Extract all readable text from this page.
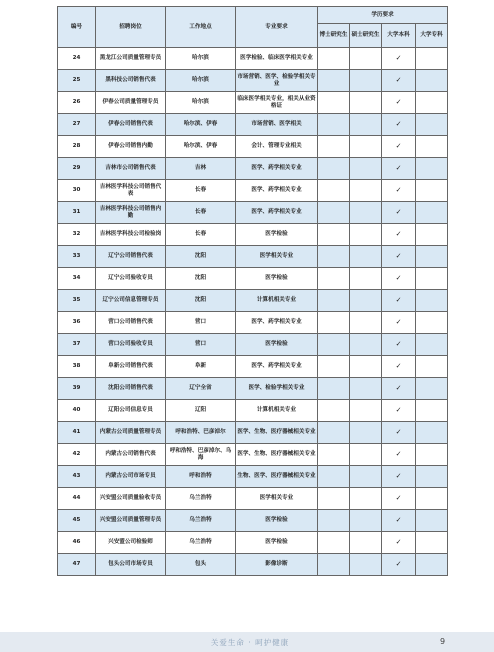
编号	招聘岗位	工作地点	专业要求	学历要求			
				博士研究生	硕士研究生	大学本科	大学专科
24	黑龙江公司质量管理专员	哈尔滨	医学检验、临床医学相关专业			✓	
25	黑科技公司销售代表	哈尔滨	市场营销、医学、检验学相关专业			✓	
26	伊春公司质量管理专员	哈尔滨	临床医学相关专业，相关从业资格证			✓	
27	伊春公司销售代表	哈尔滨、伊春	市场营销、医学相关			✓	
28	伊春公司销售内勤	哈尔滨、伊春	会计、管理专业相关			✓	
29	吉林市公司销售代表	吉林	医学、药学相关专业			✓	
30	吉林医学科技公司销售代表	长春	医学、药学相关专业			✓	
31	吉林医学科技公司销售内勤	长春	医学、药学相关专业			✓	
32	吉林医学科技公司检验岗	长春	医学检验			✓	
33	辽宁公司销售代表	沈阳	医学相关专业			✓	
34	辽宁公司验收专员	沈阳	医学检验			✓	
35	辽宁公司信息管理专员	沈阳	计算机相关专业			✓	
36	营口公司销售代表	营口	医学、药学相关专业			✓	
37	营口公司验收专员	营口	医学检验			✓	
38	阜新公司销售代表	阜新	医学、药学相关专业			✓	
39	沈阳公司销售代表	辽宁全省	医学、检验学相关专业			✓	
40	辽阳公司信息专员	辽阳	计算机相关专业			✓	
41	内蒙古公司质量管理专员	呼和浩特、巴彦淖尔	医学、生物、医疗器械相关专业			✓	
42	内蒙古公司销售代表	呼和浩特、巴彦淖尔、乌海	医学、生物、医疗器械相关专业			✓	
43	内蒙古公司市场专员	呼和浩特	生物、医学、医疗器械相关专业			✓	
44	兴安盟公司质量验收专员	乌兰浩特	医学相关专业			✓	
45	兴安盟公司质量管理专员	乌兰浩特	医学检验			✓	
46	兴安盟公司检验师	乌兰浩特	医学检验			✓	
47	包头公司市场专员	包头	影像诊断			✓	
关爱生命 · 呵护健康	9
